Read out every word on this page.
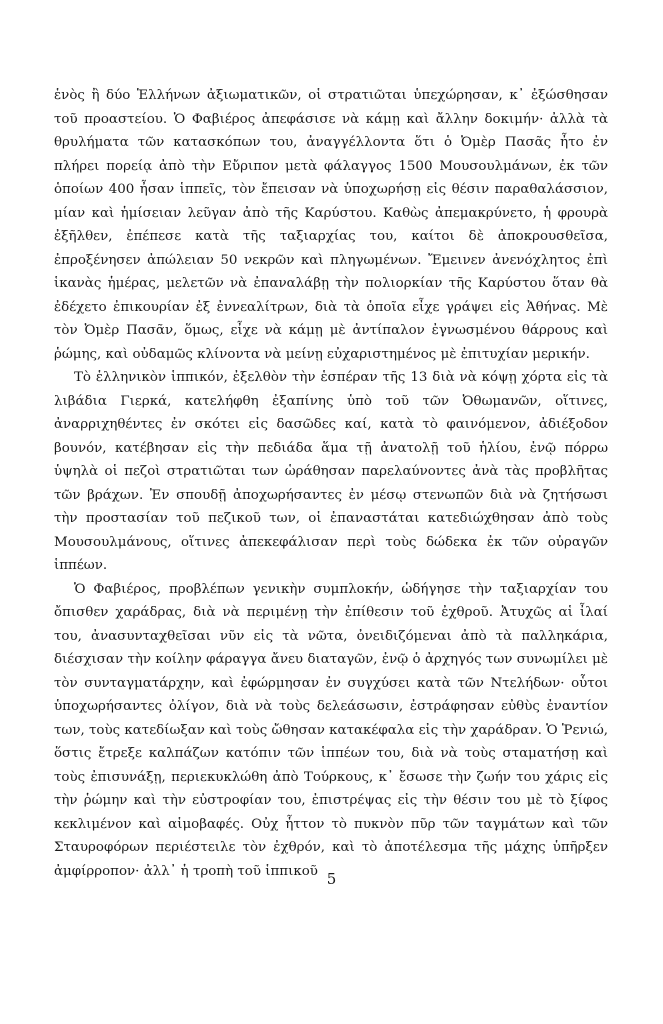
ἑνὸς ἢ δύο Ἑλλήνων ἀξιωματικῶν, οἱ στρατιῶται ὑπεχώρησαν, κ᾽ ἐξώσθησαν τοῦ προαστείου. Ὁ Φαβιέρος ἀπεφάσισε νὰ κάμῃ καὶ ἄλλην δοκιμήν· ἀλλὰ τὰ θρυλήματα τῶν κατασκόπων του, ἀναγγέλλοντα ὅτι ὁ Ὀμὲρ Πασᾶς ἦτο ἐν πλήρει πορείᾳ ἀπὸ τὴν Εὔριπον μετὰ φάλαγγος 1500 Μουσουλμάνων, ἐκ τῶν ὁποίων 400 ἦσαν ἱππεῖς, τὸν ἔπεισαν νὰ ὑποχωρήσῃ εἰς θέσιν παραθαλάσσιον, μίαν καὶ ἡμίσειαν λεῦγαν ἀπὸ τῆς Καρύστου. Καθὼς ἀπεμακρύνετο, ἡ φρουρὰ ἐξῆλθεν, ἐπέπεσε κατὰ τῆς ταξιαρχίας του, καίτοι δὲ ἀποκρουσθεῖσα, ἐπροξένησεν ἀπώλειαν 50 νεκρῶν καὶ πληγωμένων. Ἔμεινεν ἀνενόχλητος ἐπὶ ἱκανὰς ἡμέρας, μελετῶν νὰ ἐπαναλάβῃ τὴν πολιορκίαν τῆς Καρύστου ὅταν θὰ ἐδέχετο ἐπικουρίαν ἐξ ἐννεαλίτρων, διὰ τὰ ὁποῖα εἶχε γράψει εἰς Ἀθήνας. Μὲ τὸν Ὀμὲρ Πασᾶν, ὅμως, εἶχε νὰ κάμῃ μὲ ἀντίπαλον ἐγνωσμένου θάρρους καὶ ῥώμης, καὶ οὐδαμῶς κλίνοντα νὰ μείνῃ εὐχαριστημένος μὲ ἐπιτυχίαν μερικήν.

Τὸ ἑλληνικὸν ἱππικόν, ἐξελθὸν τὴν ἑσπέραν τῆς 13 διὰ νὰ κόψῃ χόρτα εἰς τὰ λιβάδια Γιερκά, κατελήφθη ἐξαπίνης ὑπὸ τοῦ τῶν Ὀθωμανῶν, οἵτινες, ἀναρριχηθέντες ἐν σκότει εἰς δασῶδες καί, κατὰ τὸ φαινόμενον, ἀδιέξοδον βουνόν, κατέβησαν εἰς τὴν πεδιάδα ἅμα τῇ ἀνατολῇ τοῦ ἡλίου, ἐνῷ πόρρω ὑψηλὰ οἱ πεζοὶ στρατιῶται των ὡράθησαν παρελαύνοντες ἀνὰ τὰς προβλῆτας τῶν βράχων. Ἐν σπουδῇ ἀποχωρήσαντες ἐν μέσῳ στενωπῶν διὰ νὰ ζητήσωσι τὴν προστασίαν τοῦ πεζικοῦ των, οἱ ἐπαναστάται κατεδιώχθησαν ἀπὸ τοὺς Μουσουλμάνους, οἵτινες ἀπεκεφάλισαν περὶ τοὺς δώδεκα ἐκ τῶν οὐραγῶν ἱππέων.

Ὁ Φαβιέρος, προβλέπων γενικὴν συμπλοκήν, ὡδήγησε τὴν ταξιαρχίαν του ὄπισθεν χαράδρας, διὰ νὰ περιμένῃ τὴν ἐπίθεσιν τοῦ ἐχθροῦ. Ἀτυχῶς αἱ ἶλαί του, ἀνασυνταχθεῖσαι νῦν εἰς τὰ νῶτα, ὀνειδιζόμεναι ἀπὸ τὰ παλληκάρια, διέσχισαν τὴν κοίλην φάραγγα ἄνευ διαταγῶν, ἐνῷ ὁ ἀρχηγός των συνωμίλει μὲ τὸν συνταγματάρχην, καὶ ἐφώρμησαν ἐν συγχύσει κατὰ τῶν Ντελήδων· οὗτοι ὑποχωρήσαντες ὀλίγον, διὰ νὰ τοὺς δελεάσωσιν, ἐστράφησαν εὐθὺς ἐναντίον των, τοὺς κατεδίωξαν καὶ τοὺς ὤθησαν κατακέφαλα εἰς τὴν χαράδραν. Ὁ Ῥενιώ, ὅστις ἔτρεξε καλπάζων κατόπιν τῶν ἱππέων του, διὰ νὰ τοὺς σταματήσῃ καὶ τοὺς ἐπισυνάξῃ, περιεκυκλώθη ἀπὸ Τούρκους, κ᾽ ἔσωσε τὴν ζωήν του χάρις εἰς τὴν ῥώμην καὶ τὴν εὐστροφίαν του, ἐπιστρέψας εἰς τὴν θέσιν του μὲ τὸ ξίφος κεκλιμένον καὶ αἱμοβαφές. Οὐχ ἧττον τὸ πυκνὸν πῦρ τῶν ταγμάτων καὶ τῶν Σταυροφόρων περιέστειλε τὸν ἐχθρόν, καὶ τὸ ἀποτέλεσμα τῆς μάχης ὑπῆρξεν ἀμφίρροπον· ἀλλ᾽ ἡ τροπὴ τοῦ ἱππικοῦ 5
